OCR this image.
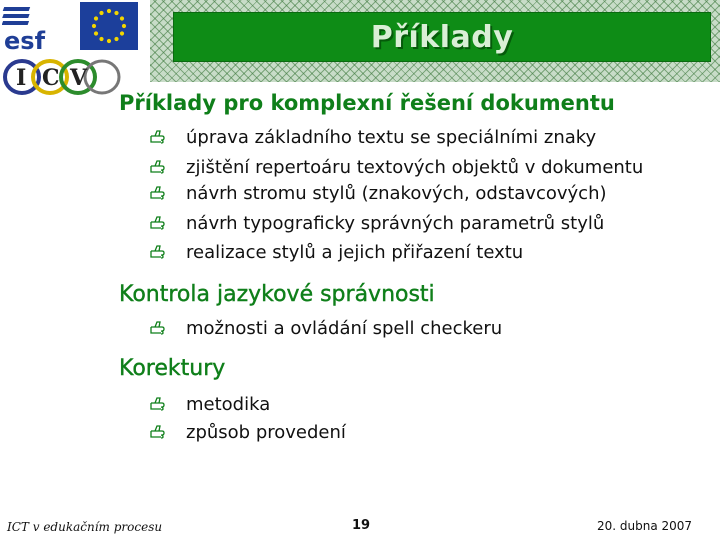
Příklady
esf
I C V
Příklady pro komplexní řešení dokumentu
úprava základního textu se speciálními znaky
zjištění repertoáru textových objektů v dokumentu
návrh stromu stylů (znakových, odstavcových)
návrh typograficky správných parametrů stylů
realizace stylů a jejich přiřazení textu
Kontrola jazykové správnosti
možnosti a ovládání spell checkeru
Korektury
metodika
způsob provedení
ICT v edukačním procesu	19	20. dubna 2007
